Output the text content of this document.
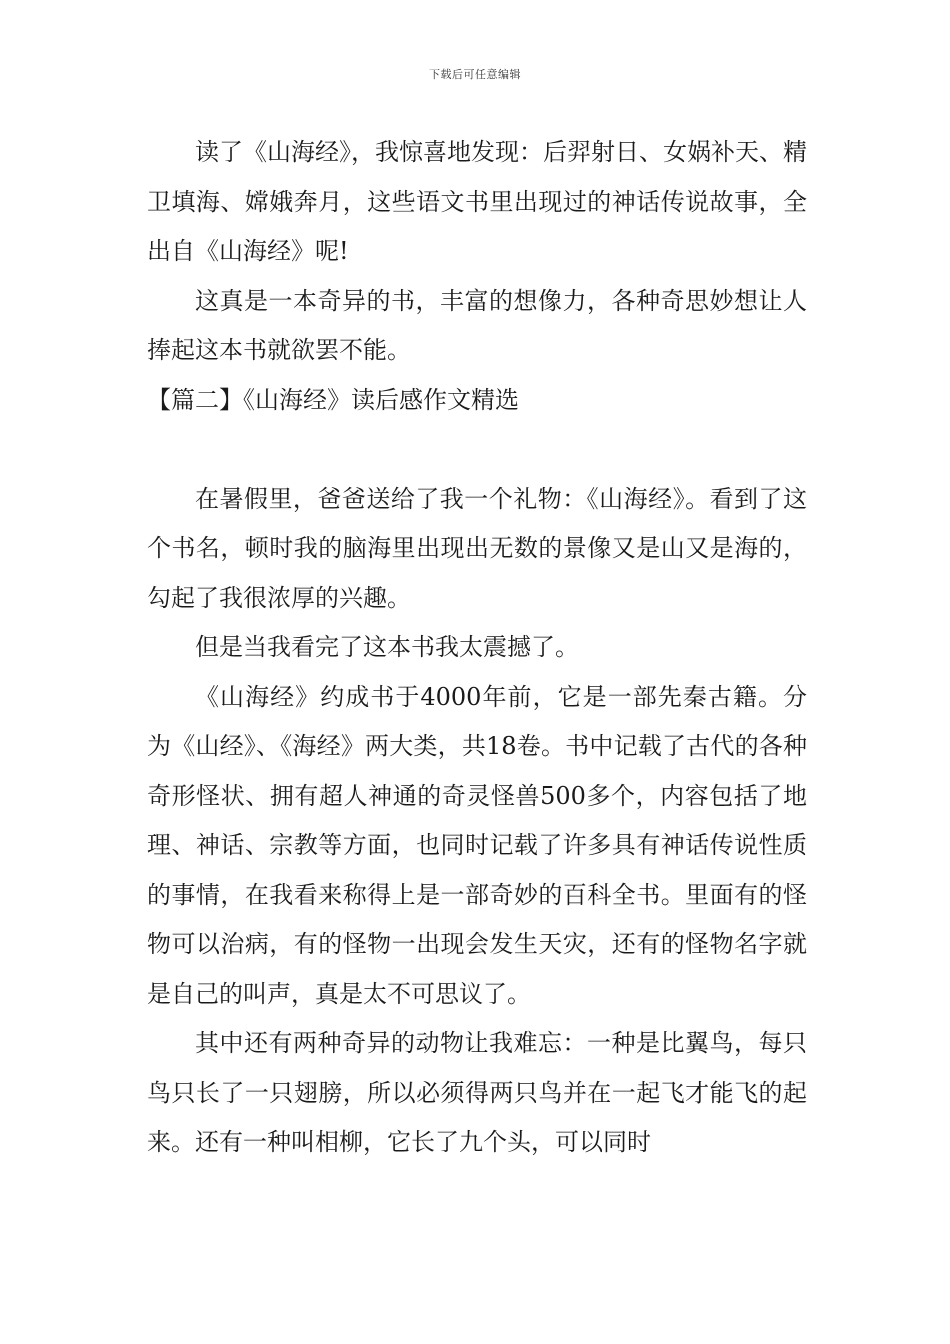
下载后可任意编辑

读了《山海经》，我惊喜地发现：后羿射日、女娲补天、精卫填海、嫦娥奔月，这些语文书里出现过的神话传说故事，全出自《山海经》呢!

这真是一本奇异的书，丰富的想像力，各种奇思妙想让人捧起这本书就欲罢不能。

【篇二】《山海经》读后感作文精选

在暑假里，爸爸送给了我一个礼物：《山海经》。看到了这个书名，顿时我的脑海里出现出无数的景像又是山又是海的，勾起了我很浓厚的兴趣。

但是当我看完了这本书我太震撼了。

《山海经》约成书于4000年前，它是一部先秦古籍。分为《山经》、《海经》两大类，共18卷。书中记载了古代的各种奇形怪状、拥有超人神通的奇灵怪兽500多个，内容包括了地理、神话、宗教等方面，也同时记载了许多具有神话传说性质的事情，在我看来称得上是一部奇妙的百科全书。里面有的怪物可以治病，有的怪物一出现会发生天灾，还有的怪物名字就是自己的叫声，真是太不可思议了。

其中还有两种奇异的动物让我难忘：一种是比翼鸟，每只鸟只长了一只翅膀，所以必须得两只鸟并在一起飞才能飞的起来。还有一种叫相柳，它长了九个头，可以同时
